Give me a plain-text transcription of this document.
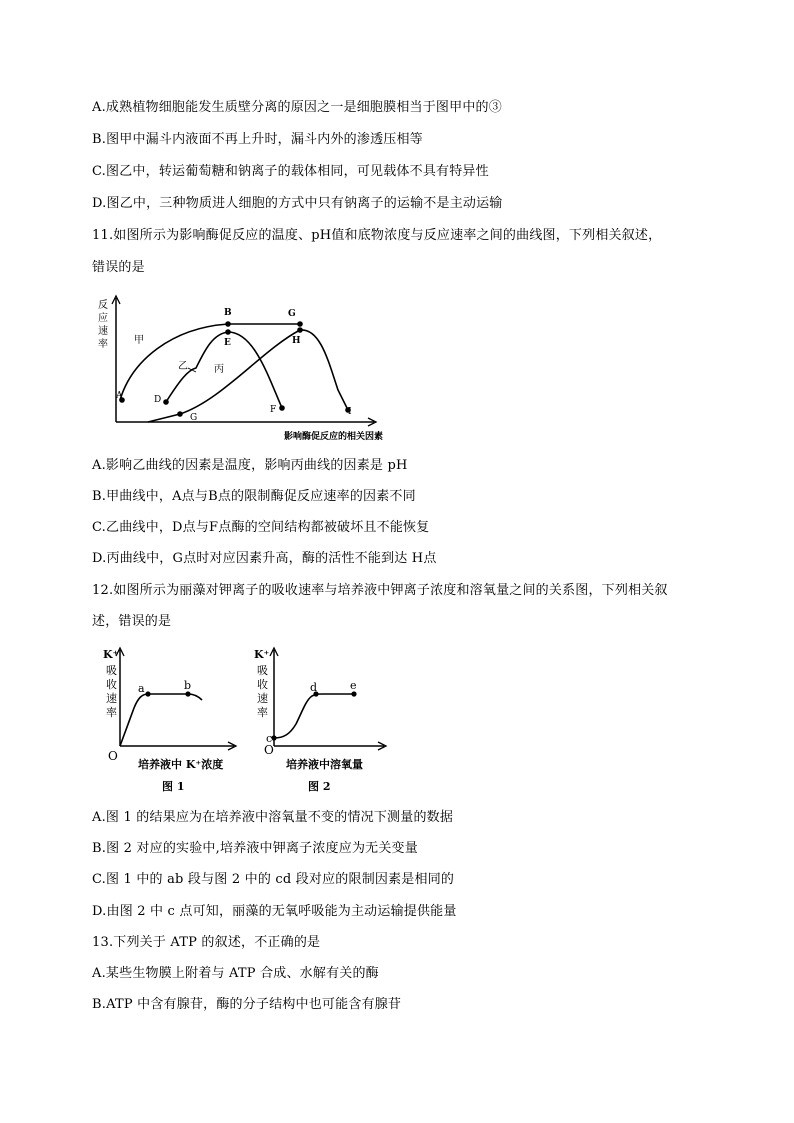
A.成熟植物细胞能发生质壁分离的原因之一是细胞膜相当于图甲中的③
B.图甲中漏斗内液面不再上升时，漏斗内外的渗透压相等
C.图乙中，转运葡萄糖和钠离子的载体相同，可见载体不具有特异性
D.图乙中，三种物质进人细胞的方式中只有钠离子的运输不是主动运输
11.如图所示为影响酶促反应的温度、pH值和底物浓度与反应速率之间的曲线图，下列相关叙述，
错误的是
反
应
速
率
影响酶促反应的相关因素
A
B	G
E	H
D
G
F	I
甲
乙	丙
A.影响乙曲线的因素是温度，影响丙曲线的因素是 pH
B.甲曲线中，A点与B点的限制酶促反应速率的因素不同
C.乙曲线中，D点与F点酶的空间结构都被破坏且不能恢复
D.丙曲线中，G点时对应因素升高，酶的活性不能到达 H点
12.如图所示为丽藻对钾离子的吸收速率与培养液中钾离子浓度和溶氧量之间的关系图，下列相关叙
述，错误的是
K⁺
吸
收
速
率
O
a	b
培养液中 K⁺浓度
图 1
K⁺
吸
收
速
率
O
c
d	e
培养液中溶氧量
图 2
A.图 1 的结果应为在培养液中溶氧量不变的情况下测量的数据
B.图 2 对应的实验中,培养液中钾离子浓度应为无关变量
C.图 1 中的 ab 段与图 2 中的 cd 段对应的限制因素是相同的
D.由图 2 中 c 点可知，丽藻的无氧呼吸能为主动运输提供能量
13.下列关于 ATP 的叙述，不正确的是
A.某些生物膜上附着与 ATP 合成、水解有关的酶
B.ATP 中含有腺苷，酶的分子结构中也可能含有腺苷
